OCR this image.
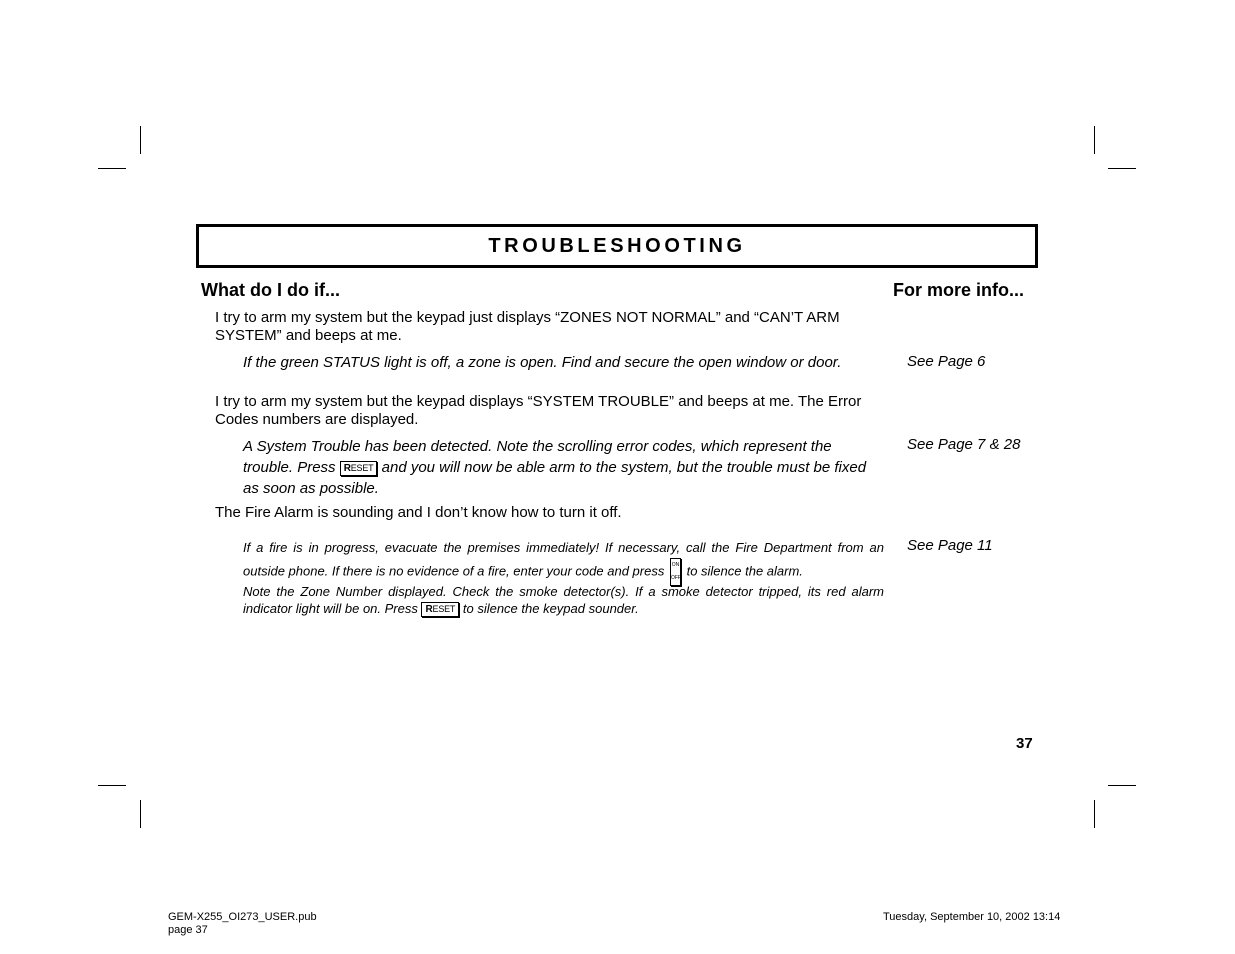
TROUBLESHOOTING
What do I do if...	For more info...
I try to arm my system but the keypad just displays “ZONES NOT NORMAL” and “CAN’T ARM SYSTEM” and beeps at me.
If the green STATUS light is off, a zone is open. Find and secure the open window or door.	See Page 6
I try to arm my system but the keypad displays “SYSTEM TROUBLE” and beeps at me. The Error Codes numbers are displayed.
A System Trouble has been detected. Note the scrolling error codes, which represent the trouble. Press RESET and you will now be able arm to the system, but the trouble must be fixed as soon as possible.
See Page 7 & 28
The Fire Alarm is sounding and I don’t know how to turn it off.
If a fire is in progress, evacuate the premises immediately! If necessary, call the Fire Department from an outside phone. If there is no evidence of a fire, enter your code and press ON
OFF to silence the alarm.
Note the Zone Number displayed. Check the smoke detector(s). If a smoke detector tripped, its red alarm indicator light will be on. Press RESET to silence the keypad sounder.
See Page 11
37
GEM-X255_OI273_USER.pub
page 37
Tuesday, September 10, 2002 13:14
